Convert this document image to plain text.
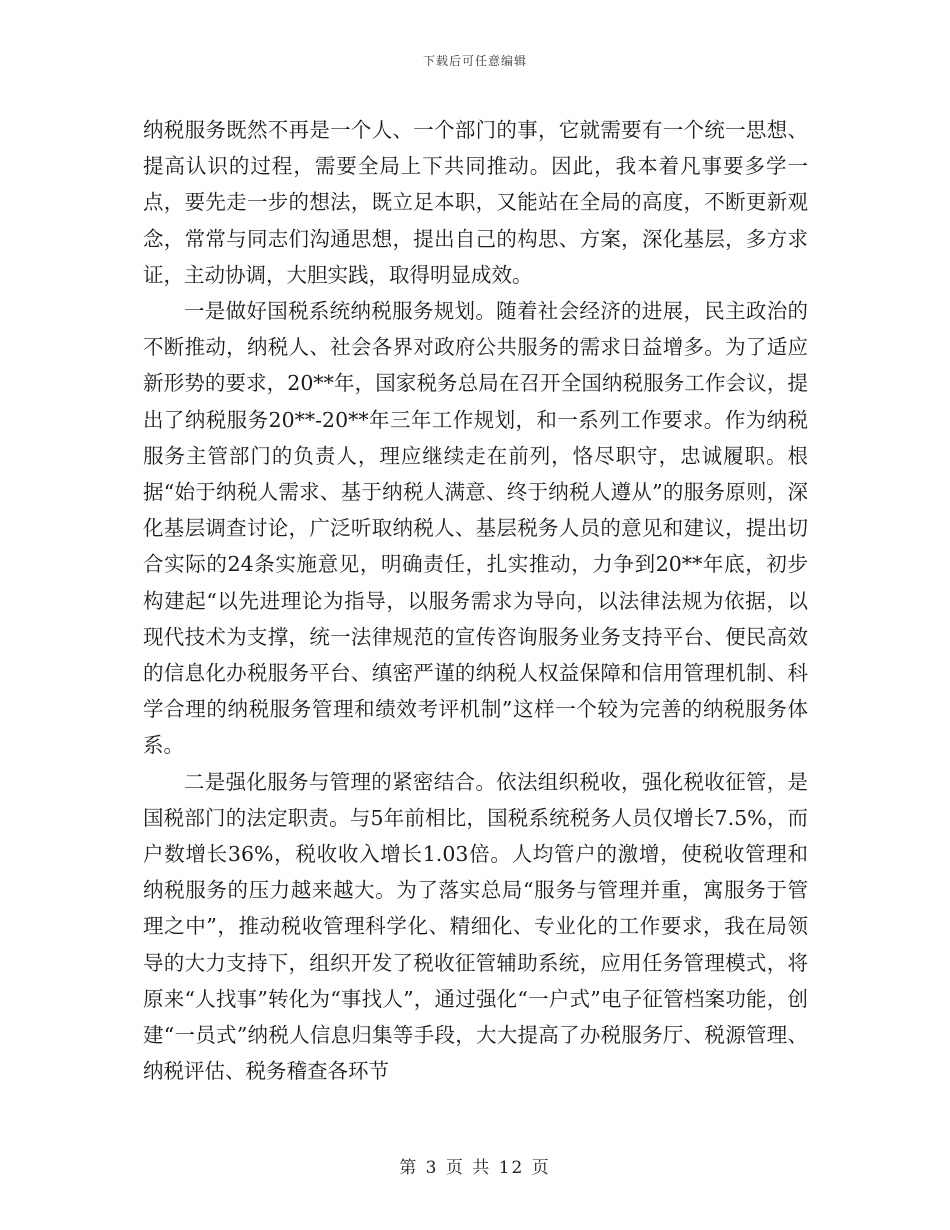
下载后可任意编辑

纳税服务既然不再是一个人、一个部门的事，它就需要有一个统一思想、提高认识的过程，需要全局上下共同推动。因此，我本着凡事要多学一点，要先走一步的想法，既立足本职，又能站在全局的高度，不断更新观念，常常与同志们沟通思想，提出自己的构思、方案，深化基层，多方求证，主动协调，大胆实践，取得明显成效。

一是做好国税系统纳税服务规划。随着社会经济的进展，民主政治的不断推动，纳税人、社会各界对政府公共服务的需求日益增多。为了适应新形势的要求，20**年，国家税务总局在召开全国纳税服务工作会议，提出了纳税服务20**-20**年三年工作规划，和一系列工作要求。作为纳税服务主管部门的负责人，理应继续走在前列，恪尽职守，忠诚履职。根据“始于纳税人需求、基于纳税人满意、终于纳税人遵从”的服务原则，深化基层调查讨论，广泛听取纳税人、基层税务人员的意见和建议，提出切合实际的24条实施意见，明确责任，扎实推动，力争到20**年底，初步构建起“以先进理论为指导，以服务需求为导向，以法律法规为依据，以现代技术为支撑，统一法律规范的宣传咨询服务业务支持平台、便民高效的信息化办税服务平台、缜密严谨的纳税人权益保障和信用管理机制、科学合理的纳税服务管理和绩效考评机制”这样一个较为完善的纳税服务体系。

二是强化服务与管理的紧密结合。依法组织税收，强化税收征管，是国税部门的法定职责。与5年前相比，国税系统税务人员仅增长7.5%，而户数增长36%，税收收入增长1.03倍。人均管户的激增，使税收管理和纳税服务的压力越来越大。为了落实总局“服务与管理并重，寓服务于管理之中”，推动税收管理科学化、精细化、专业化的工作要求，我在局领导的大力支持下，组织开发了税收征管辅助系统，应用任务管理模式，将原来“人找事”转化为“事找人”，通过强化“一户式”电子征管档案功能，创建“一员式”纳税人信息归集等手段，大大提高了办税服务厅、税源管理、纳税评估、税务稽查各环节

第 3 页 共 12 页
